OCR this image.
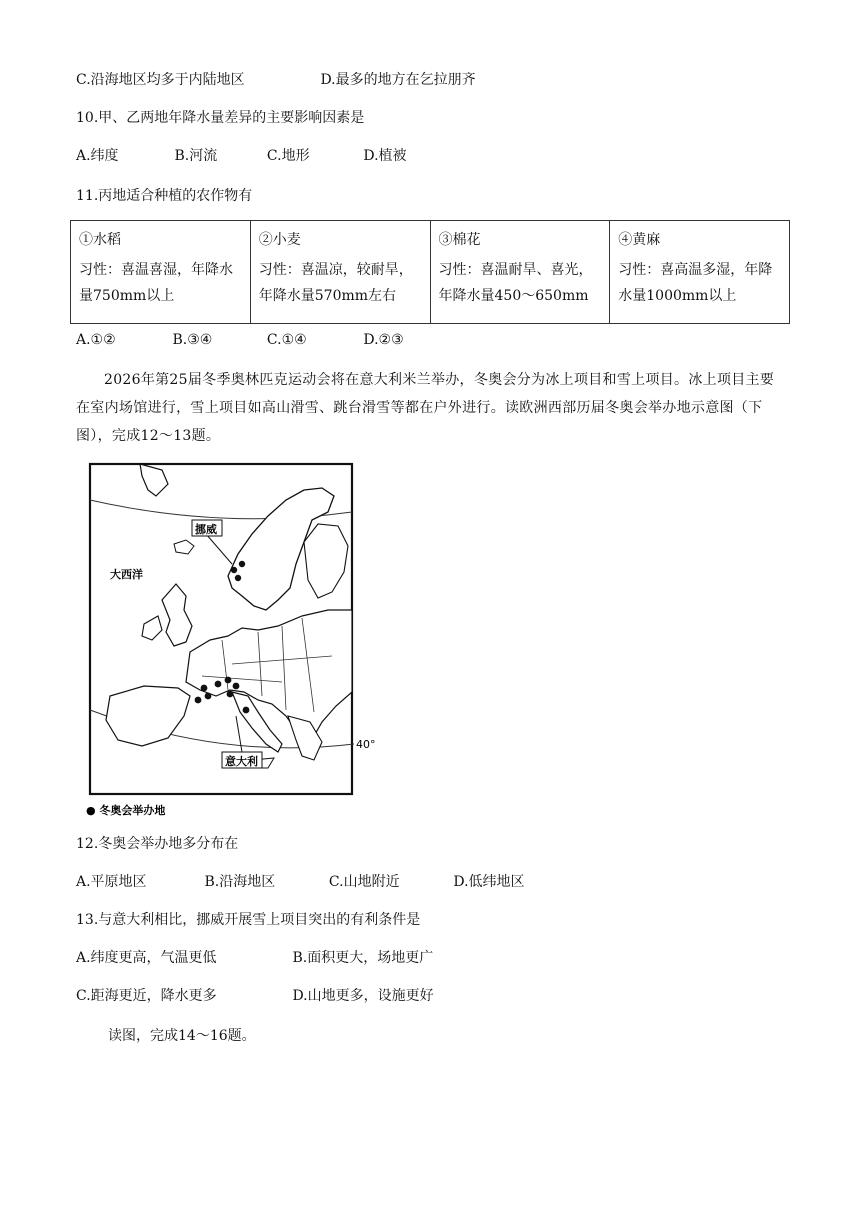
C.沿海地区均多于内陆地区	D.最多的地方在乞拉朋齐
10.甲、乙两地年降水量差异的主要影响因素是
A.纬度	B.河流	C.地形	D.植被
11.丙地适合种植的农作物有
①水稻
习性：喜温喜湿，年降水量750mm以上	
②小麦
习性：喜温凉，较耐旱，年降水量570mm左右	
③棉花
习性：喜温耐旱、喜光，年降水量450～650mm	
④黄麻
习性：喜高温多湿，年降水量1000mm以上
A.①②	B.③④	C.①④	D.②③
2026年第25届冬季奥林匹克运动会将在意大利米兰举办，冬奥会分为冰上项目和雪上项目。冰上项目主要在室内场馆进行，雪上项目如高山滑雪、跳台滑雪等都在户外进行。读欧洲西部历届冬奥会举办地示意图（下图），完成12～13题。
挪威
大西洋
意大利
40°
● 冬奥会举办地
12.冬奥会举办地多分布在
A.平原地区	B.沿海地区	C.山地附近	D.低纬地区
13.与意大利相比，挪威开展雪上项目突出的有利条件是
A.纬度更高，气温更低	B.面积更大，场地更广
C.距海更近，降水更多	D.山地更多，设施更好
读图，完成14～16题。
